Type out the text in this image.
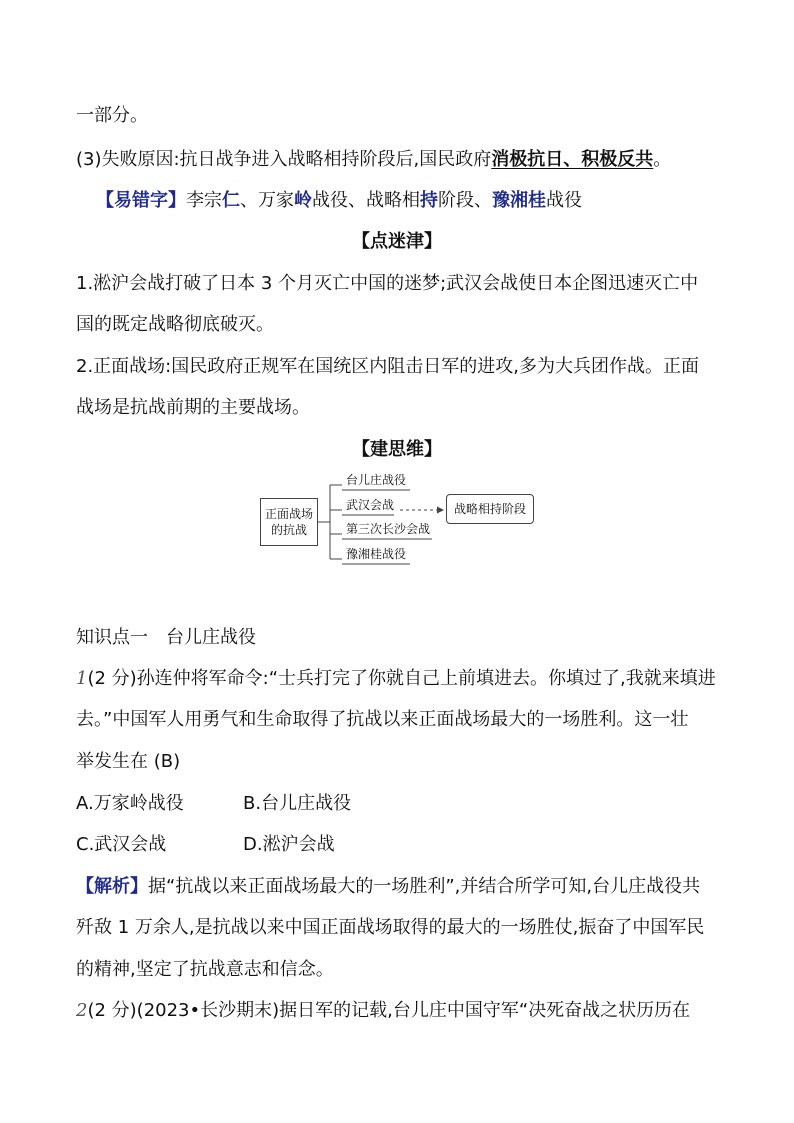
一部分。
(3)失败原因:抗日战争进入战略相持阶段后,国民政府消极抗日、积极反共。
【易错字】李宗仁、万家岭战役、战略相持阶段、豫湘桂战役
【点迷津】
1.淞沪会战打破了日本 3 个月灭亡中国的迷梦;武汉会战使日本企图迅速灭亡中
国的既定战略彻底破灭。
2.正面战场:国民政府正规军在国统区内阻击日军的进攻,多为大兵团作战。正面
战场是抗战前期的主要战场。
【建思维】
正面战场
的抗战
台儿庄战役
武汉会战
第三次长沙会战
豫湘桂战役
战略相持阶段
知识点一　台儿庄战役
1(2 分)孙连仲将军命令:“士兵打完了你就自己上前填进去。你填过了,我就来填进
去。”中国军人用勇气和生命取得了抗战以来正面战场最大的一场胜利。这一壮
举发生在 (B)
A.万家岭战役	B.台儿庄战役
C.武汉会战	D.淞沪会战
【解析】据“抗战以来正面战场最大的一场胜利”,并结合所学可知,台儿庄战役共
歼敌 1 万余人,是抗战以来中国正面战场取得的最大的一场胜仗,振奋了中国军民
的精神,坚定了抗战意志和信念。
2(2 分)(2023•长沙期末)据日军的记载,台儿庄中国守军“决死奋战之状历历在
